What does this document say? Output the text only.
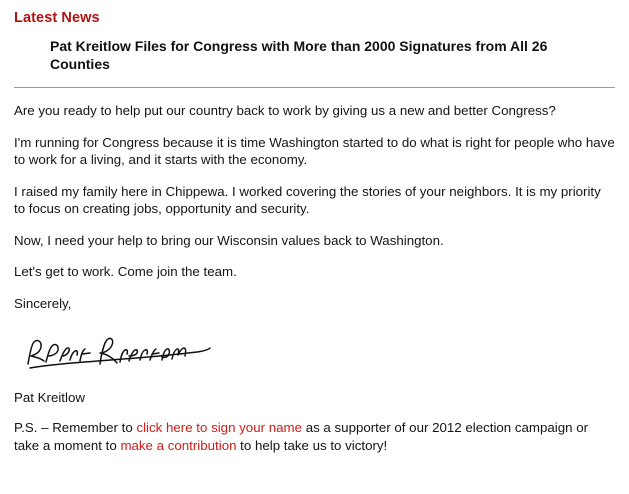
Latest News
Pat Kreitlow Files for Congress with More than 2000 Signatures from All 26 Counties

Are you ready to help put our country back to work by giving us a new and better Congress?

I'm running for Congress because it is time Washington started to do what is right for people who have to work for a living, and it starts with the economy.

I raised my family here in Chippewa. I worked covering the stories of your neighbors. It is my priority to focus on creating jobs, opportunity and security.

Now, I need your help to bring our Wisconsin values back to Washington.

Let's get to work. Come join the team.

Sincerely,

Pat Kreitlow
P.S. – Remember to click here to sign your name as a supporter of our 2012 election campaign or take a moment to make a contribution to help take us to victory!
